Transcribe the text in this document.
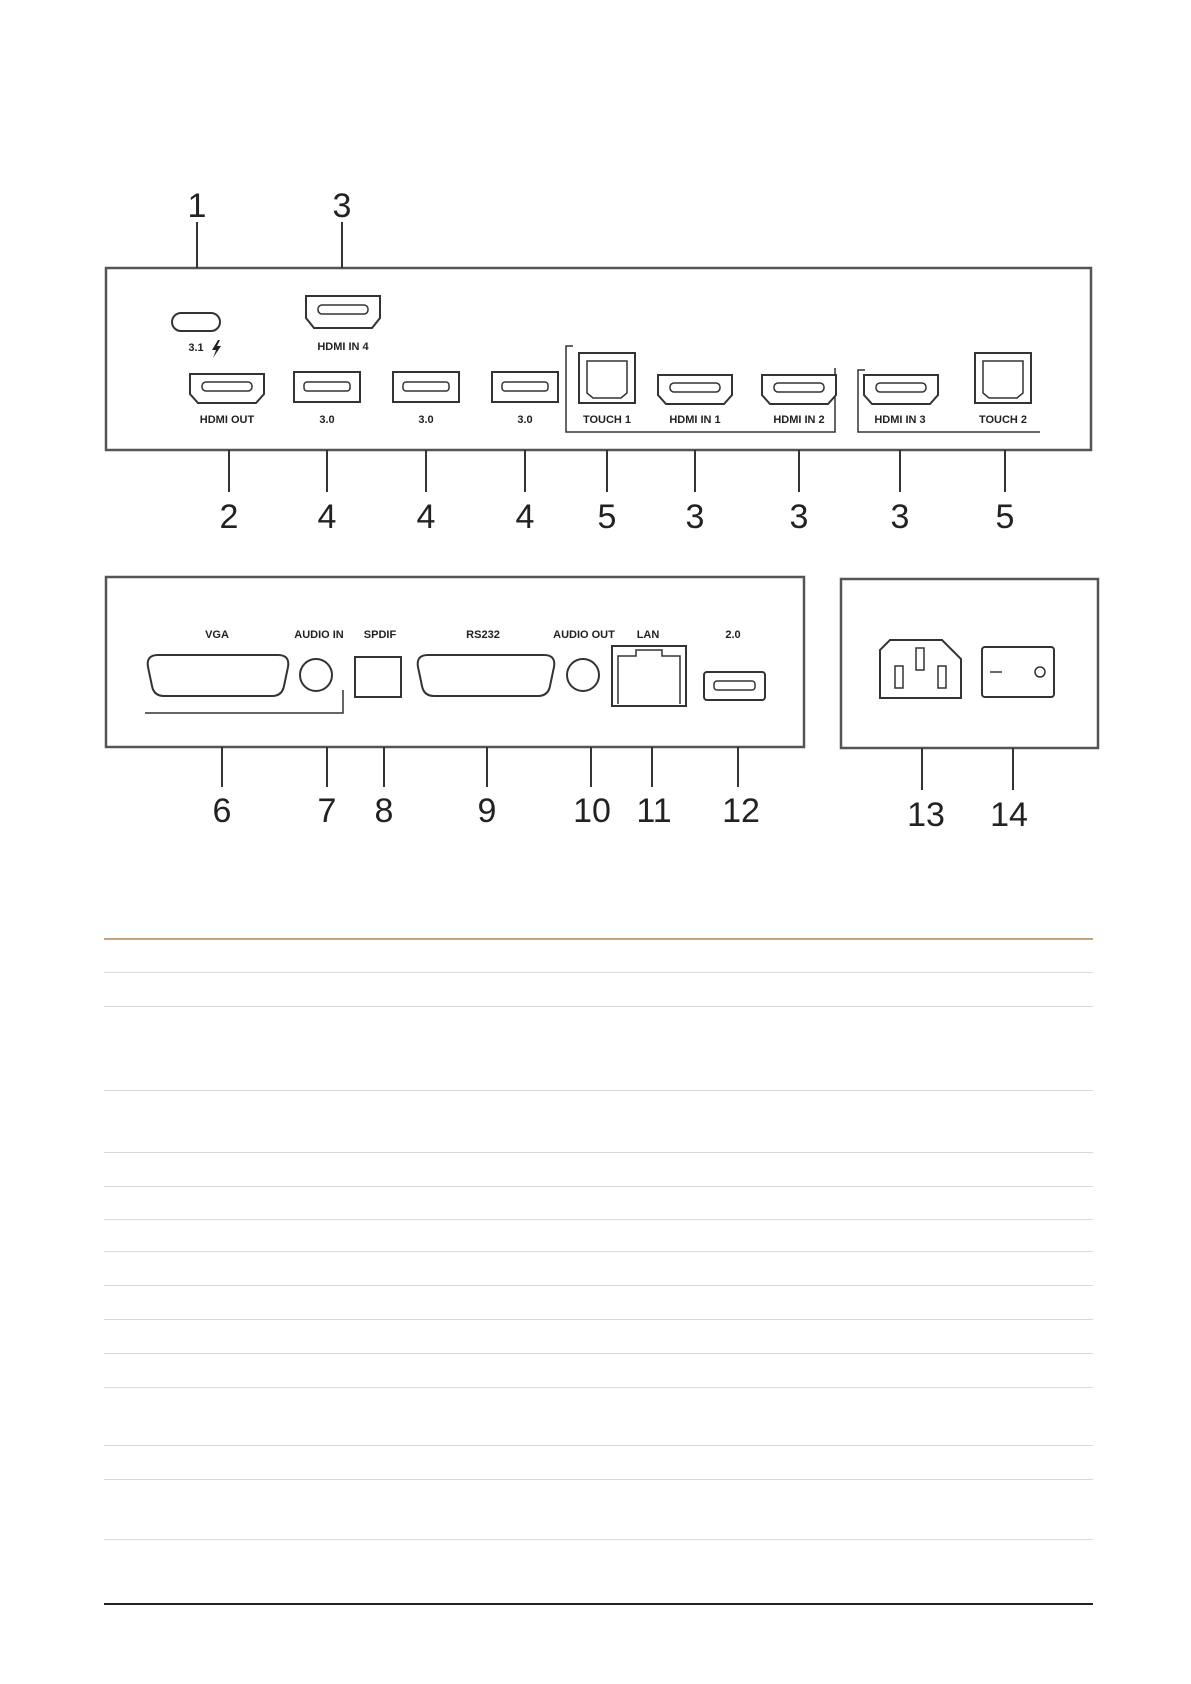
1	3
3.1	HDMI IN 4
HDMI OUT	3.0	3.0	3.0	TOUCH 1	HDMI IN 1	HDMI IN 2	HDMI IN 3	TOUCH 2
2 4 4 4 5 3	3 3	5
VGA	AUDIO IN SPDIF	RS232	AUDIO OUT LAN	2.0
6	7 8 9 10 11 12	13 14
